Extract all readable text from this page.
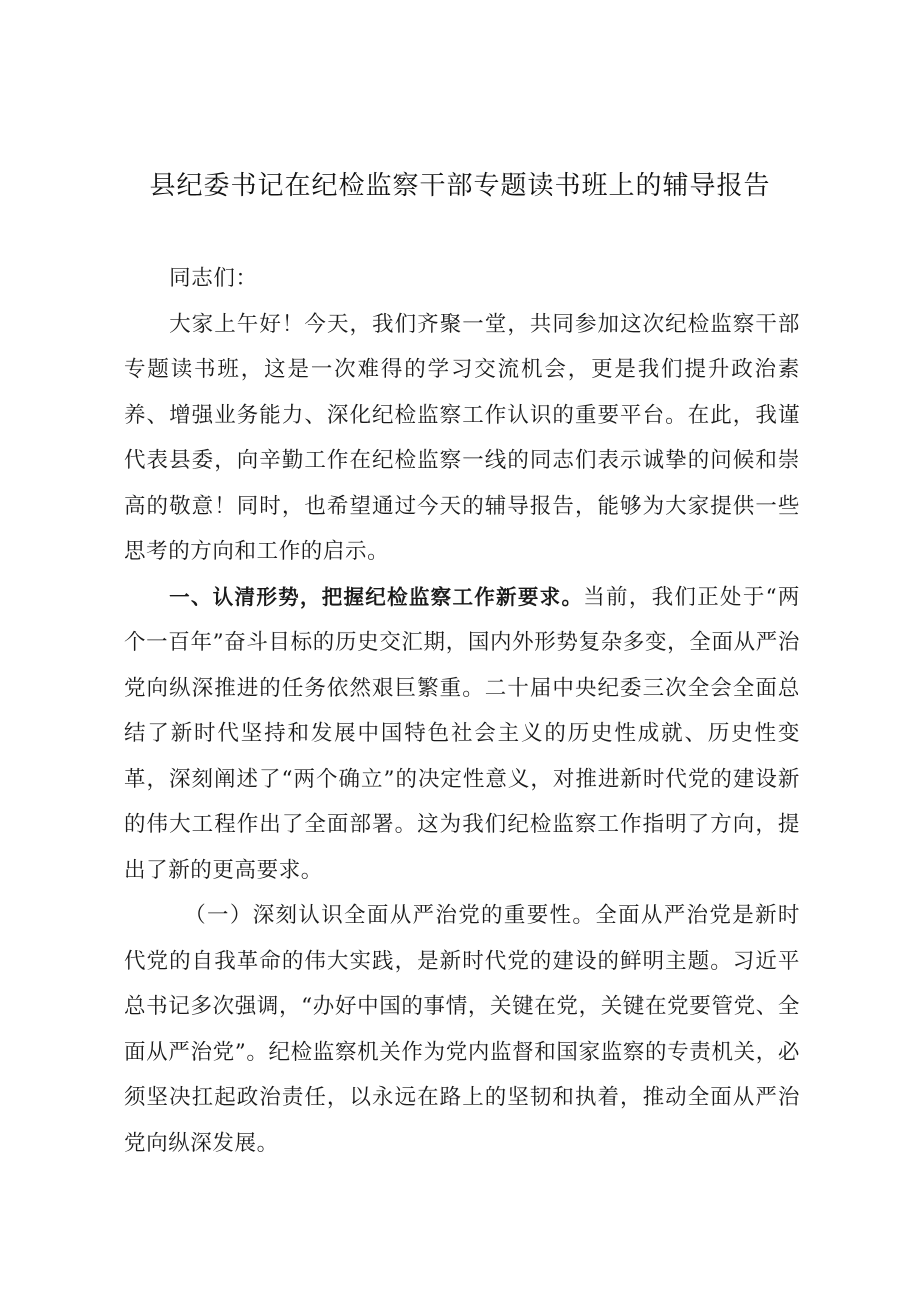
县纪委书记在纪检监察干部专题读书班上的辅导报告

同志们：

大家上午好！今天，我们齐聚一堂，共同参加这次纪检监察干部专题读书班，这是一次难得的学习交流机会，更是我们提升政治素养、增强业务能力、深化纪检监察工作认识的重要平台。在此，我谨代表县委，向辛勤工作在纪检监察一线的同志们表示诚挚的问候和崇高的敬意！同时，也希望通过今天的辅导报告，能够为大家提供一些思考的方向和工作的启示。

一、认清形势，把握纪检监察工作新要求。当前，我们正处于“两个一百年”奋斗目标的历史交汇期，国内外形势复杂多变，全面从严治党向纵深推进的任务依然艰巨繁重。二十届中央纪委三次全会全面总结了新时代坚持和发展中国特色社会主义的历史性成就、历史性变革，深刻阐述了“两个确立”的决定性意义，对推进新时代党的建设新的伟大工程作出了全面部署。这为我们纪检监察工作指明了方向，提出了新的更高要求。

（一）深刻认识全面从严治党的重要性。全面从严治党是新时代党的自我革命的伟大实践，是新时代党的建设的鲜明主题。习近平总书记多次强调，“办好中国的事情，关键在党，关键在党要管党、全面从严治党”。纪检监察机关作为党内监督和国家监察的专责机关，必须坚决扛起政治责任，以永远在路上的坚韧和执着，推动全面从严治党向纵深发展。
